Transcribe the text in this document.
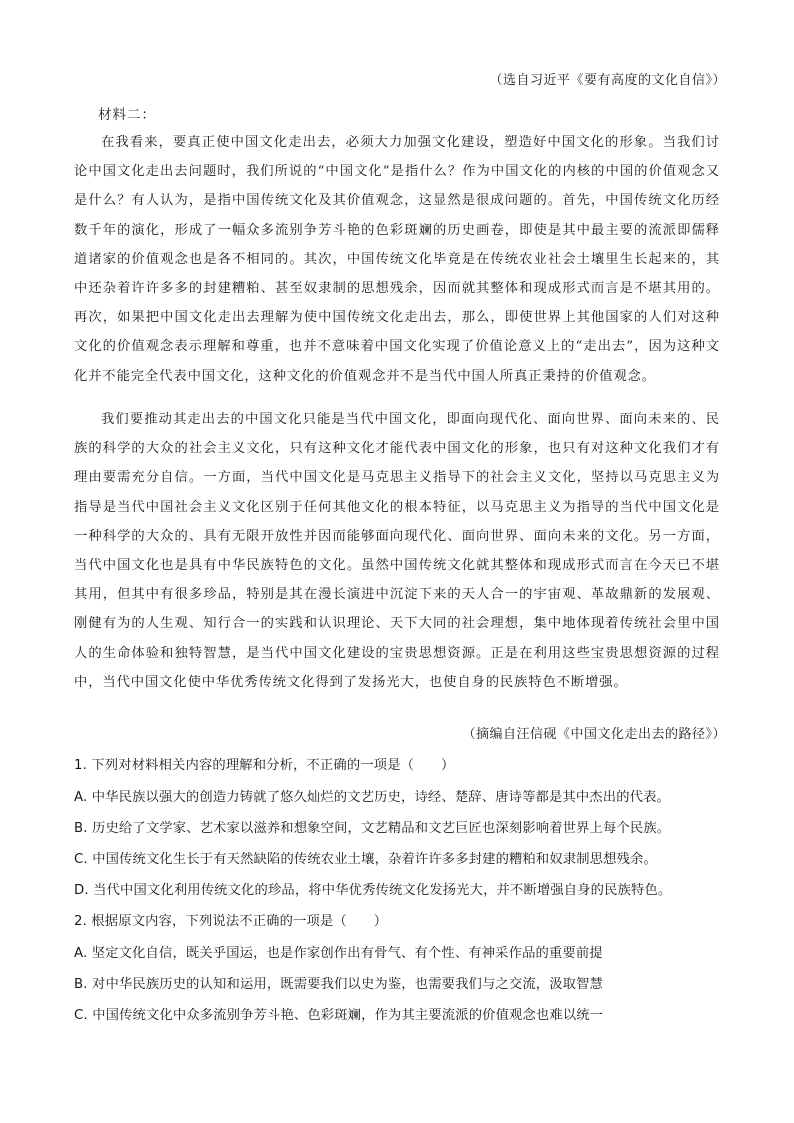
（选自习近平《要有高度的文化自信》）
材料二：

在我看来，要真正使中国文化走出去，必须大力加强文化建设，塑造好中国文化的形象。当我们讨论中国文化走出去问题时，我们所说的“中国文化”是指什么？作为中国文化的内核的中国的价值观念又是什么？有人认为，是指中国传统文化及其价值观念，这显然是很成问题的。首先，中国传统文化历经数千年的演化，形成了一幅众多流别争芳斗艳的色彩斑斓的历史画卷，即使是其中最主要的流派即儒释道诸家的价值观念也是各不相同的。其次，中国传统文化毕竟是在传统农业社会土壤里生长起来的，其中还杂着许许多多的封建糟粕、甚至奴隶制的思想残余，因而就其整体和现成形式而言是不堪其用的。再次，如果把中国文化走出去理解为使中国传统文化走出去，那么，即使世界上其他国家的人们对这种文化的价值观念表示理解和尊重，也并不意味着中国文化实现了价值论意义上的“走出去”，因为这种文化并不能完全代表中国文化，这种文化的价值观念并不是当代中国人所真正秉持的价值观念。

我们要推动其走出去的中国文化只能是当代中国文化，即面向现代化、面向世界、面向未来的、民族的科学的大众的社会主义文化，只有这种文化才能代表中国文化的形象，也只有对这种文化我们才有理由要需充分自信。一方面，当代中国文化是马克思主义指导下的社会主义文化，坚持以马克思主义为指导是当代中国社会主义文化区别于任何其他文化的根本特征，以马克思主义为指导的当代中国文化是一种科学的大众的、具有无限开放性并因而能够面向现代化、面向世界、面向未来的文化。另一方面，当代中国文化也是具有中华民族特色的文化。虽然中国传统文化就其整体和现成形式而言在今天已不堪其用，但其中有很多珍品，特别是其在漫长演进中沉淀下来的天人合一的宇宙观、革故鼎新的发展观、刚健有为的人生观、知行合一的实践和认识理论、天下大同的社会理想，集中地体现着传统社会里中国人的生命体验和独特智慧，是当代中国文化建设的宝贵思想资源。正是在利用这些宝贵思想资源的过程中，当代中国文化使中华优秀传统文化得到了发扬光大，也使自身的民族特色不断增强。

（摘编自汪信砚《中国文化走出去的路径》）
1. 下列对材料相关内容的理解和分析，不正确的一项是（　　）
A. 中华民族以强大的创造力铸就了悠久灿烂的文艺历史，诗经、楚辞、唐诗等都是其中杰出的代表。
B. 历史给了文学家、艺术家以滋养和想象空间，文艺精品和文艺巨匠也深刻影响着世界上每个民族。
C. 中国传统文化生长于有天然缺陷的传统农业土壤，杂着许许多多封建的糟粕和奴隶制思想残余。
D. 当代中国文化利用传统文化的珍品，将中华优秀传统文化发扬光大，并不断增强自身的民族特色。
2. 根据原文内容，下列说法不正确的一项是（　　）
A. 坚定文化自信，既关乎国运，也是作家创作出有骨气、有个性、有神采作品的重要前提
B. 对中华民族历史的认知和运用，既需要我们以史为鉴，也需要我们与之交流，汲取智慧
C. 中国传统文化中众多流别争芳斗艳、色彩斑斓，作为其主要流派的价值观念也难以统一
